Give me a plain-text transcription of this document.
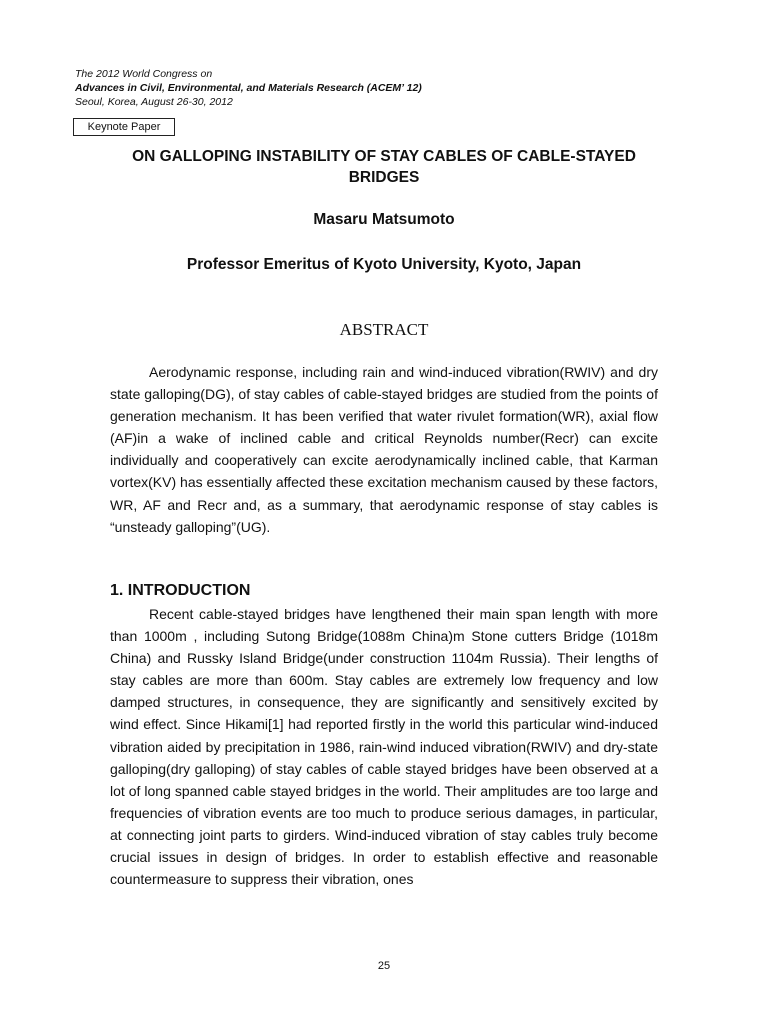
The 2012 World Congress on
Advances in Civil, Environmental, and Materials Research (ACEM’ 12)
Seoul, Korea, August 26-30, 2012
Keynote Paper
ON GALLOPING INSTABILITY OF STAY CABLES OF CABLE-STAYED BRIDGES
Masaru Matsumoto
Professor Emeritus of Kyoto University, Kyoto, Japan
ABSTRACT

Aerodynamic response, including rain and wind-induced vibration(RWIV) and dry state galloping(DG), of stay cables of cable-stayed bridges are studied from the points of generation mechanism. It has been verified that water rivulet formation(WR), axial flow (AF)in a wake of inclined cable and critical Reynolds number(Recr) can excite individually and cooperatively can excite aerodynamically inclined cable, that Karman vortex(KV) has essentially affected these excitation mechanism caused by these factors, WR, AF and Recr and, as a summary, that aerodynamic response of stay cables is “unsteady galloping”(UG).

1. INTRODUCTION

Recent cable-stayed bridges have lengthened their main span length with more than 1000m , including Sutong Bridge(1088m China)m Stone cutters Bridge (1018m China) and Russky Island Bridge(under construction 1104m Russia). Their lengths of stay cables are more than 600m. Stay cables are extremely low frequency and low damped structures, in consequence, they are significantly and sensitively excited by wind effect. Since Hikami[1] had reported firstly in the world this particular wind-induced vibration aided by precipitation in 1986, rain-wind induced vibration(RWIV) and dry-state galloping(dry galloping) of stay cables of cable stayed bridges have been observed at a lot of long spanned cable stayed bridges in the world. Their amplitudes are too large and frequencies of vibration events are too much to produce serious damages, in particular, at connecting joint parts to girders. Wind-induced vibration of stay cables truly become crucial issues in design of bridges. In order to establish effective and reasonable countermeasure to suppress their vibration, ones

25
